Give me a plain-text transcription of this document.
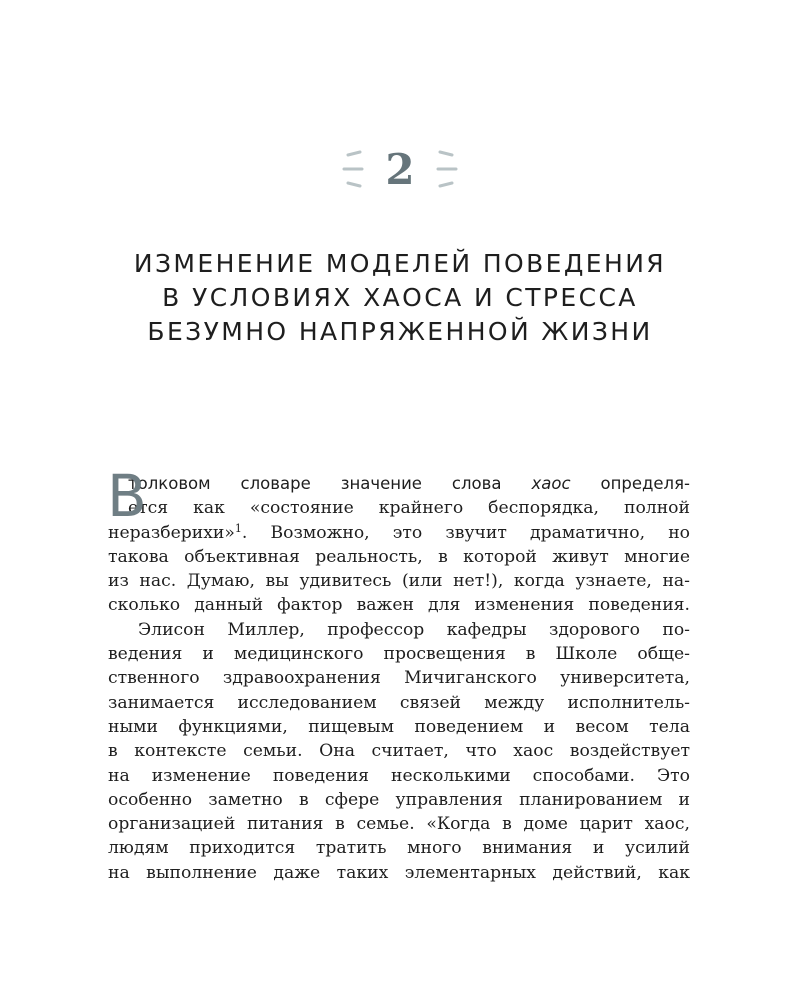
2
ИЗМЕНЕНИЕ МОДЕЛЕЙ ПОВЕДЕНИЯ
В УСЛОВИЯХ ХАОСА И СТРЕССА
БЕЗУМНО НАПРЯЖЕННОЙ ЖИЗНИ
В
толковом словаре значение слова хаос определя-
ется как «состояние крайнего беспорядка, полной
неразберихи»$^1$. Возможно, это звучит драматично, но
такова объективная реальность, в которой живут многие
из нас. Думаю, вы удивитесь (или нет!), когда узнаете, на-
сколько данный фактор важен для изменения поведения.
Элисон Миллер, профессор кафедры здорового по-
ведения и медицинского просвещения в Школе обще-
ственного здравоохранения Мичиганского университета,
занимается исследованием связей между исполнитель-
ными функциями, пищевым поведением и весом тела
в контексте семьи. Она считает, что хаос воздействует
на изменение поведения несколькими способами. Это
особенно заметно в сфере управления планированием и
организацией питания в семье. «Когда в доме царит хаос,
людям приходится тратить много внимания и усилий
на выполнение даже таких элементарных действий, как
